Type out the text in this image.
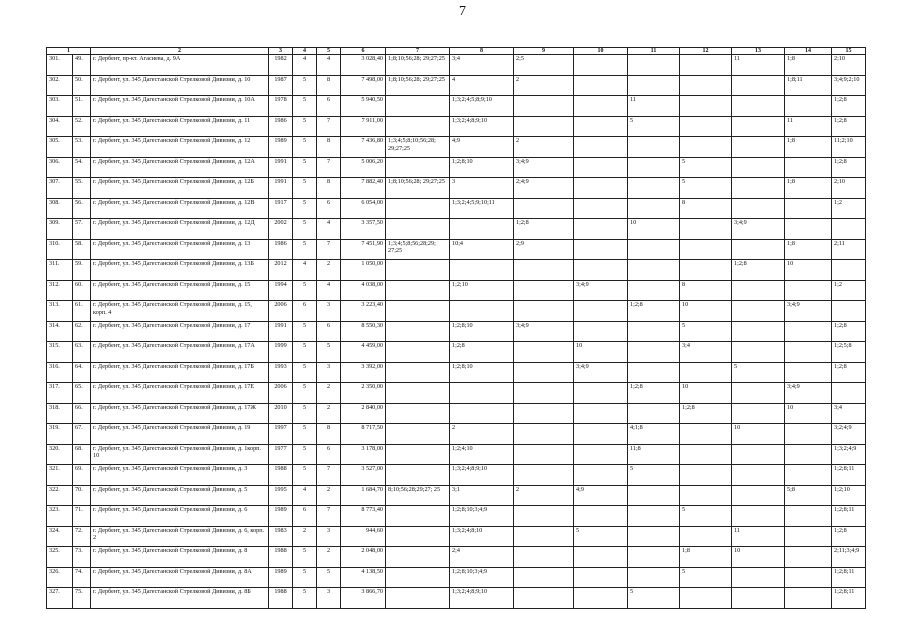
7
1		2	3	4	5	6	7	8	9	10	11	12	13	14	15
301.	49.	г. Дербент, пр-кт. Агасиева, д. 9А	1982	4	4	3 028,40	1;8;10;56;28; 29;27;25	3;4	2;5				11	1;8	2;10
302.	50.	г. Дербент, ул. 345 Дагестанской Стрелковой Дивизии, д. 10	1987	5	8	7 498,00	1;8;10;56;28; 29;27;25	4	2					1;8;11	3;4;9;2;10
303.	51.	г. Дербент, ул. 345 Дагестанской Стрелковой Дивизии, д. 10А	1978	5	6	5 940,50		1;3;2;4;5;8;9;10			11				1;2;8
304.	52.	г. Дербент, ул. 345 Дагестанской Стрелковой Дивизии, д. 11	1986	5	7	7 911,00		1;3;2;4;8;9;10			5			11	1;2;8
305.	53.	г. Дербент, ул. 345 Дагестанской Стрелковой Дивизии, д. 12	1989	5	8	7 436,80	1;3;4;5;8;10;56;28; 29;27;25	4;9	2					1;8	11;2;10
306.	54.	г. Дербент, ул. 345 Дагестанской Стрелковой Дивизии, д. 12А	1991	5	7	5 006,20		1;2;8;10	3;4;9			5			1;2;8
307.	55.	г. Дербент, ул. 345 Дагестанской Стрелковой Дивизии, д. 12Б	1991	5	8	7 882,40	1;8;10;56;28; 29;27;25	3	2;4;9			5		1;8	2;10
308.	56.	г. Дербент, ул. 345 Дагестанской Стрелковой Дивизии, д. 12В	1917	5	6	6 054,00		1;3;2;4;5;9;10;11				8			1;2
309.	57.	г. Дербент, ул. 345 Дагестанской Стрелковой Дивизии, д. 12Д	2002	5	4	3 357,50			1;2;8		10		3;4;9		
310.	58.	г. Дербент, ул. 345 Дагестанской Стрелковой Дивизии, д. 13	1986	5	7	7 451,90	1;3;4;5;8;56;28;29; 27;25	10;4	2;9					1;8	2;11
311.	59.	г. Дербент, ул. 345 Дагестанской Стрелковой Дивизии, д. 13Б	2012	4	2	1 050,00							1;2;8	10	
312.	60.	г. Дербент, ул. 345 Дагестанской Стрелковой Дивизии, д. 15	1994	5	4	4 038,00		1;2;10		3;4;9		8			1;2
313.	61.	г. Дербент, ул. 345 Дагестанской Стрелковой Дивизии, д. 15, корп. 4	2006	6	3	3 223,40					1;2;8	10		3;4;9	
314.	62.	г. Дербент, ул. 345 Дагестанской Стрелковой Дивизии, д. 17	1991	5	6	8 550,30		1;2;8;10	3;4;9			5			1;2;8
315.	63.	г. Дербент, ул. 345 Дагестанской Стрелковой Дивизии, д. 17А	1999	5	5	4 459,00		1;2;8		10		3;4			1;2;5;8
316.	64.	г. Дербент, ул. 345 Дагестанской Стрелковой Дивизии, д. 17Б	1993	5	3	3 392,00		1;2;8;10		3;4;9			5		1;2;8
317.	65.	г. Дербент, ул. 345 Дагестанской Стрелковой Дивизии, д. 17Е	2006	5	2	2 350,00					1;2;8	10		3;4;9	
318.	66.	г. Дербент, ул. 345 Дагестанской Стрелковой Дивизии, д. 17Ж	2010	5	2	2 840,00						1;2;8		10	3;4
319.	67.	г. Дербент, ул. 345 Дагестанской Стрелковой Дивизии, д. 19	1997	5	8	8 717,50		2			4;1;8		10		3;2;4;9
320.	68.	г. Дербент, ул. 345 Дагестанской Стрелковой Дивизии, д. 1корп. 10	1977	5	6	3 178,00		1;2;4;10			11;8				1;3;2;4;9
321.	69.	г. Дербент, ул. 345 Дагестанской Стрелковой Дивизии, д. 3	1988	5	7	3 527,00		1;3;2;4;8;9;10			5				1;2;8;11
322.	70.	г. Дербент, ул. 345 Дагестанской Стрелковой Дивизии, д. 5	1995	4	2	1 684,70	8;10;56;28;29;27; 25	3;1	2	4;9				5;8	1;2;10
323.	71.	г. Дербент, ул. 345 Дагестанской Стрелковой Дивизии, д. 6	1989	6	7	8 773,40		1;2;8;10;3;4;9				5			1;2;8;11
324.	72.	г. Дербент, ул. 345 Дагестанской Стрелковой Дивизии, д. 6, корп. 2	1983	2	3	944,60		1;3;2;4;8;10		5			11		1;2;8
325.	73.	г. Дербент, ул. 345 Дагестанской Стрелковой Дивизии, д. 8	1988	5	2	2 048,00		2;4				1;8	10		2;11;3;4;9
326.	74.	г. Дербент, ул. 345 Дагестанской Стрелковой Дивизии, д. 8А	1989	5	5	4 138,50		1;2;8;10;3;4;9				5			1;2;8;11
327.	75.	г. Дербент, ул. 345 Дагестанской Стрелковой Дивизии, д. 8Б	1988	5	3	3 866,70		1;3;2;4;8;9;10			5				1;2;8;11
